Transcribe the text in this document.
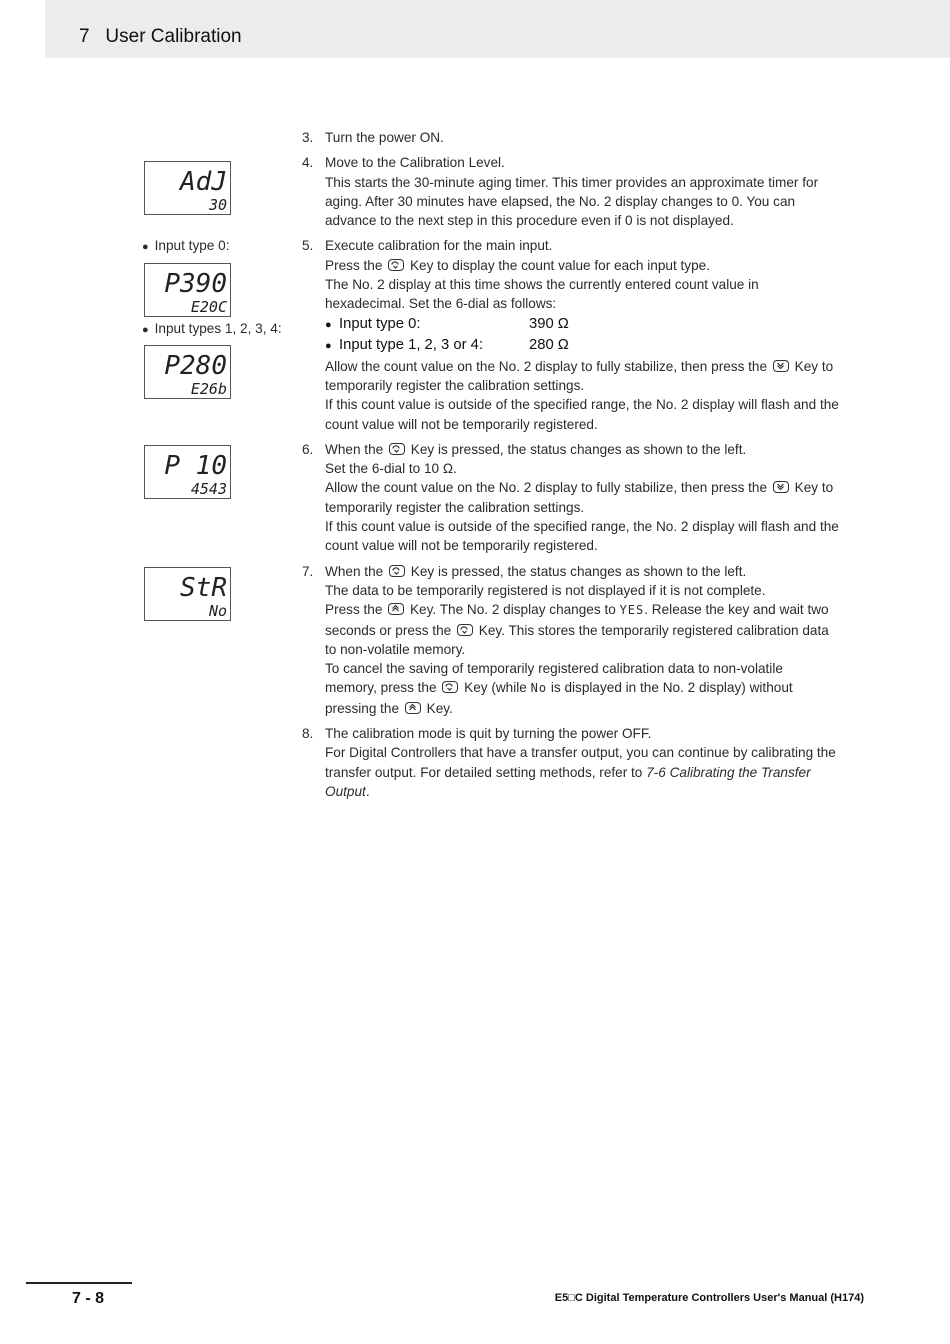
7   User Calibration
AdJ
30
● Input type 0:
P390
E20C
● Input types 1, 2, 3, 4:
P280
E26b
P 10
4543
StR
No
3. Turn the power ON.
4. Move to the Calibration Level.
This starts the 30-minute aging timer. This timer provides an approximate timer for
aging. After 30 minutes have elapsed, the No. 2 display changes to 0. You can
advance to the next step in this procedure even if 0 is not displayed.
5. Execute calibration for the main input.
Press the Key to display the count value for each input type.
The No. 2 display at this time shows the currently entered count value in
hexadecimal. Set the 6-dial as follows:
● Input type 0:	390 Ω
● Input type 1, 2, 3 or 4:	280 Ω
Allow the count value on the No. 2 display to fully stabilize, then press the Key to
temporarily register the calibration settings.
If this count value is outside of the specified range, the No. 2 display will flash and the
count value will not be temporarily registered.
6. When the Key is pressed, the status changes as shown to the left.
Set the 6-dial to 10 Ω.
Allow the count value on the No. 2 display to fully stabilize, then press the Key to
temporarily register the calibration settings.
If this count value is outside of the specified range, the No. 2 display will flash and the
count value will not be temporarily registered.
7. When the Key is pressed, the status changes as shown to the left.
The data to be temporarily registered is not displayed if it is not complete.
Press the Key. The No. 2 display changes to YES. Release the key and wait two
seconds or press the Key. This stores the temporarily registered calibration data
to non-volatile memory.
To cancel the saving of temporarily registered calibration data to non-volatile
memory, press the Key (while No is displayed in the No. 2 display) without
pressing the Key.
8. The calibration mode is quit by turning the power OFF.
For Digital Controllers that have a transfer output, you can continue by calibrating the
transfer output. For detailed setting methods, refer to 7-6 Calibrating the Transfer
Output.
7 - 8	E5□C Digital Temperature Controllers User's Manual (H174)
